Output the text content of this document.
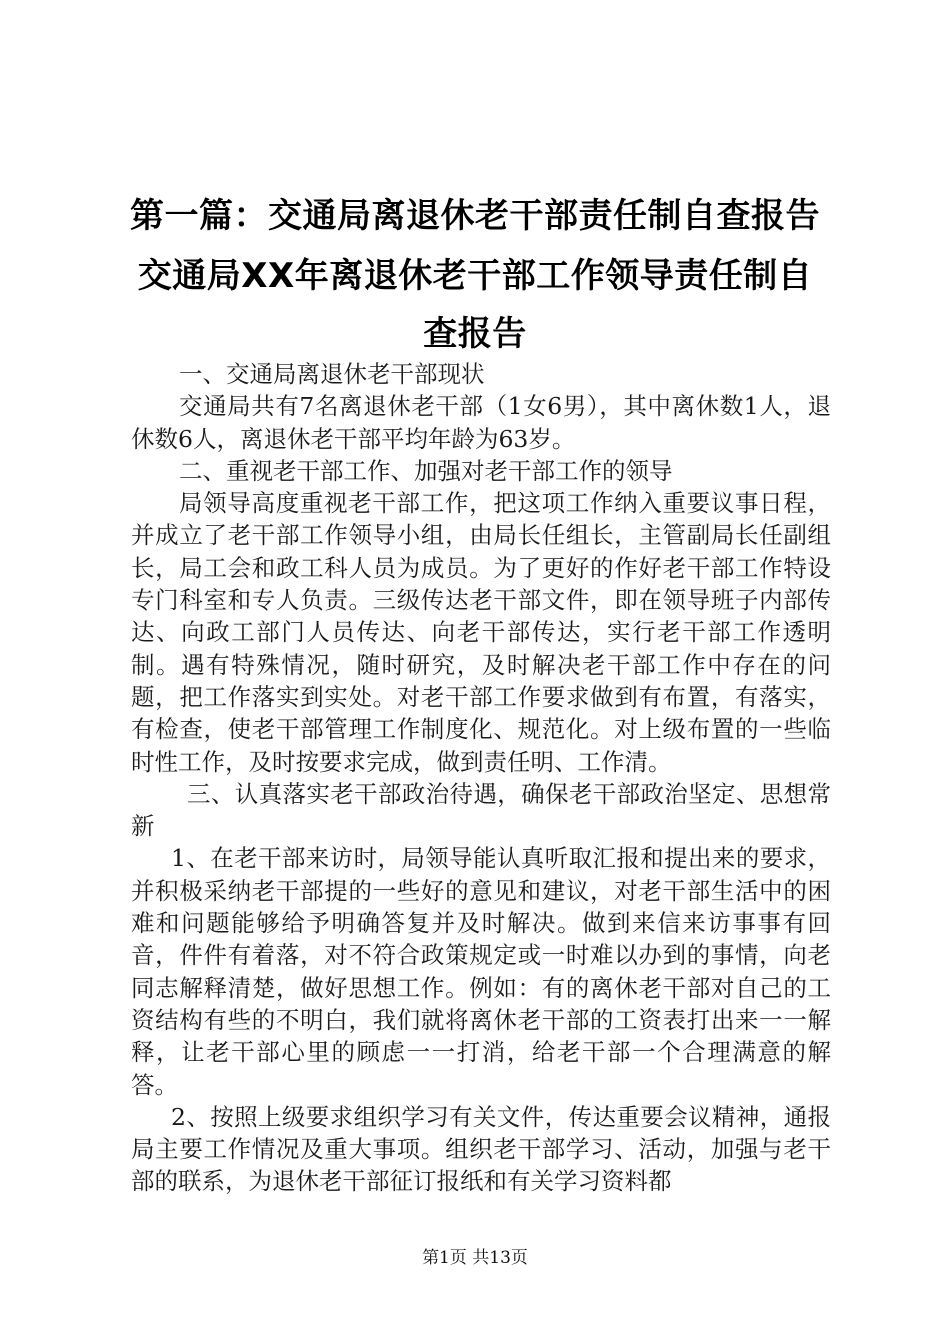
第一篇：交通局离退休老干部责任制自查报告
交通局XX年离退休老干部工作领导责任制自
查报告

一、交通局离退休老干部现状

交通局共有7名离退休老干部（1女6男），其中离休数1人，退休数6人，离退休老干部平均年龄为63岁。

二、重视老干部工作、加强对老干部工作的领导

局领导高度重视老干部工作，把这项工作纳入重要议事日程，并成立了老干部工作领导小组，由局长任组长，主管副局长任副组长，局工会和政工科人员为成员。为了更好的作好老干部工作特设专门科室和专人负责。三级传达老干部文件，即在领导班子内部传达、向政工部门人员传达、向老干部传达，实行老干部工作透明制。遇有特殊情况，随时研究，及时解决老干部工作中存在的问题，把工作落实到实处。对老干部工作要求做到有布置，有落实，有检查，使老干部管理工作制度化、规范化。对上级布置的一些临时性工作，及时按要求完成，做到责任明、工作清。

三、认真落实老干部政治待遇，确保老干部政治坚定、思想常新

1、在老干部来访时，局领导能认真听取汇报和提出来的要求，并积极采纳老干部提的一些好的意见和建议，对老干部生活中的困难和问题能够给予明确答复并及时解决。做到来信来访事事有回音，件件有着落，对不符合政策规定或一时难以办到的事情，向老同志解释清楚，做好思想工作。例如：有的离休老干部对自己的工资结构有些的不明白，我们就将离休老干部的工资表打出来一一解释，让老干部心里的顾虑一一打消，给老干部一个合理满意的解答。

2、按照上级要求组织学习有关文件，传达重要会议精神，通报局主要工作情况及重大事项。组织老干部学习、活动，加强与老干部的联系，为退休老干部征订报纸和有关学习资料都

第1页 共13页
